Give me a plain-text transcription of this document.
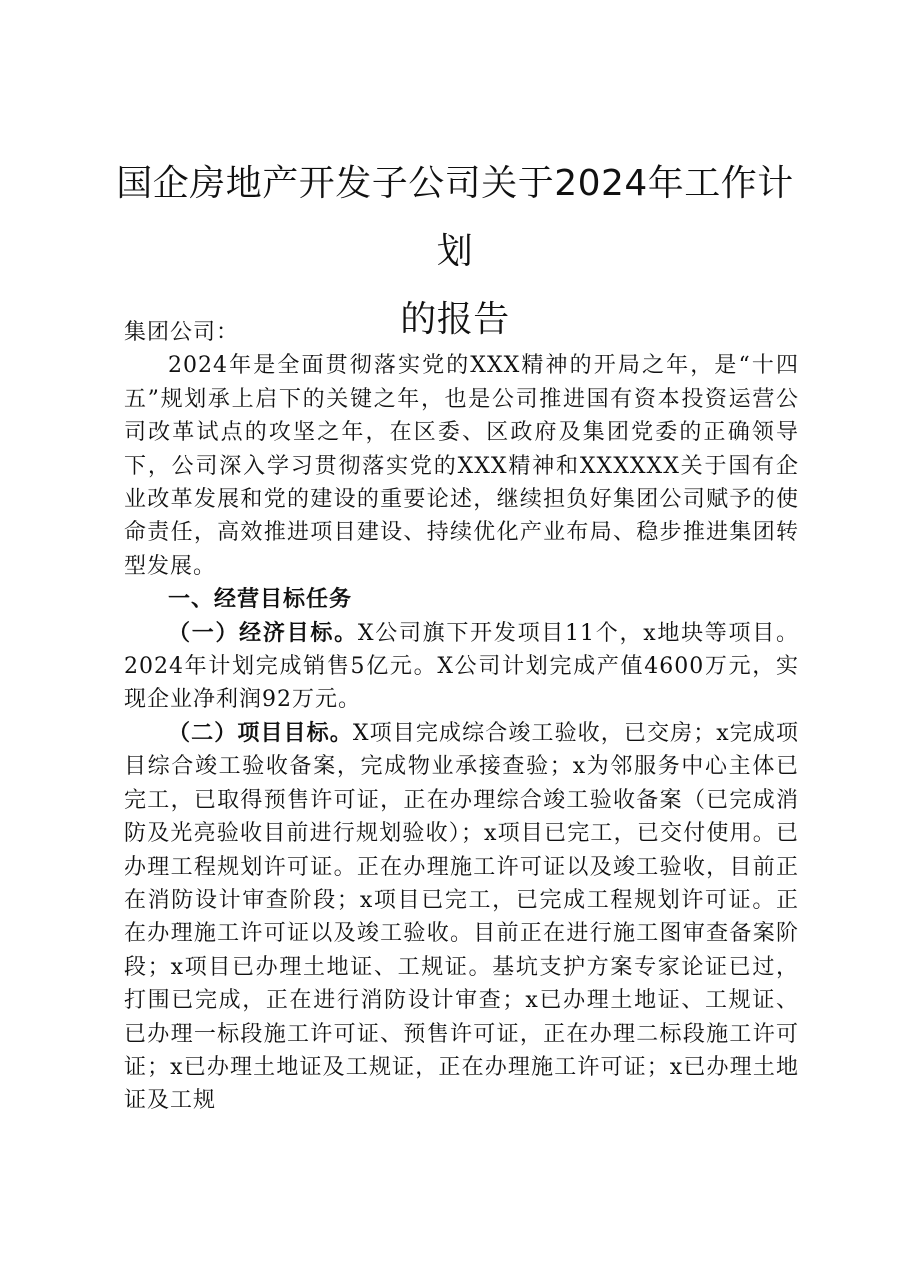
国企房地产开发子公司关于2024年工作计划
的报告

集团公司：

2024年是全面贯彻落实党的XXX精神的开局之年，是“十四五”规划承上启下的关键之年，也是公司推进国有资本投资运营公司改革试点的攻坚之年，在区委、区政府及集团党委的正确领导下，公司深入学习贯彻落实党的XXX精神和XXXXXX关于国有企业改革发展和党的建设的重要论述，继续担负好集团公司赋予的使命责任，高效推进项目建设、持续优化产业布局、稳步推进集团转型发展。

一、经营目标任务

（一）经济目标。X公司旗下开发项目11个，x地块等项目。2024年计划完成销售5亿元。X公司计划完成产值4600万元，实现企业净利润92万元。

（二）项目目标。X项目完成综合竣工验收，已交房；x完成项目综合竣工验收备案，完成物业承接查验；x为邻服务中心主体已完工，已取得预售许可证，正在办理综合竣工验收备案（已完成消防及光亮验收目前进行规划验收）；x项目已完工，已交付使用。已办理工程规划许可证。正在办理施工许可证以及竣工验收，目前正在消防设计审查阶段；x项目已完工，已完成工程规划许可证。正在办理施工许可证以及竣工验收。目前正在进行施工图审查备案阶段；x项目已办理土地证、工规证。基坑支护方案专家论证已过，打围已完成，正在进行消防设计审查；x已办理土地证、工规证、已办理一标段施工许可证、预售许可证，正在办理二标段施工许可证；x已办理土地证及工规证，正在办理施工许可证；x已办理土地证及工规
